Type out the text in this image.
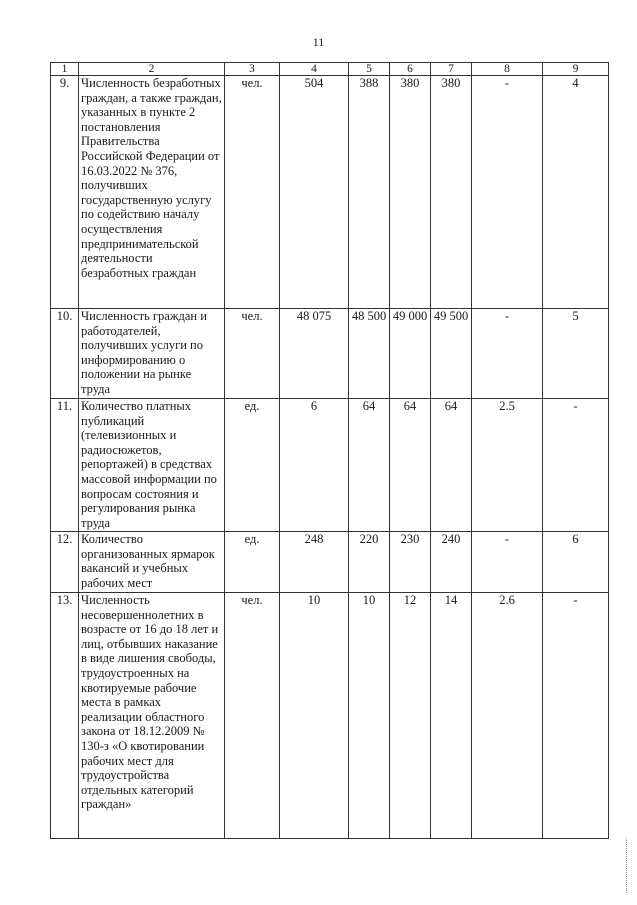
11
1	2	3	4	5	6	7	8	9
9.	Численность безработных граждан, а также граждан, указанных в пункте 2 постановления Правительства Российской Федерации от 16.03.2022 № 376, получивших государственную услугу по содействию началу осуществления предпринимательской деятельности безработных граждан	чел.	504	388	380	380	-	4
10.	Численность граждан и работодателей, получивших услуги по информированию о положении на рынке труда	чел.	48 075	48 500	49 000	49 500	-	5
11.	Количество платных публикаций (телевизионных и радиосюжетов, репортажей) в средствах массовой информации по вопросам состояния и регулирования рынка труда	ед.	6	64	64	64	2.5	-
12.	Количество организованных ярмарок вакансий и учебных рабочих мест	ед.	248	220	230	240	-	6
13.	Численность несовершеннолетних в возрасте от 16 до 18 лет и лиц, отбывших наказание в виде лишения свободы, трудоустроенных на квотируемые рабочие места в рамках реализации областного закона от 18.12.2009 № 130-з «О квотировании рабочих мест для трудоустройства отдельных категорий граждан»	чел.	10	10	12	14	2.6	-
